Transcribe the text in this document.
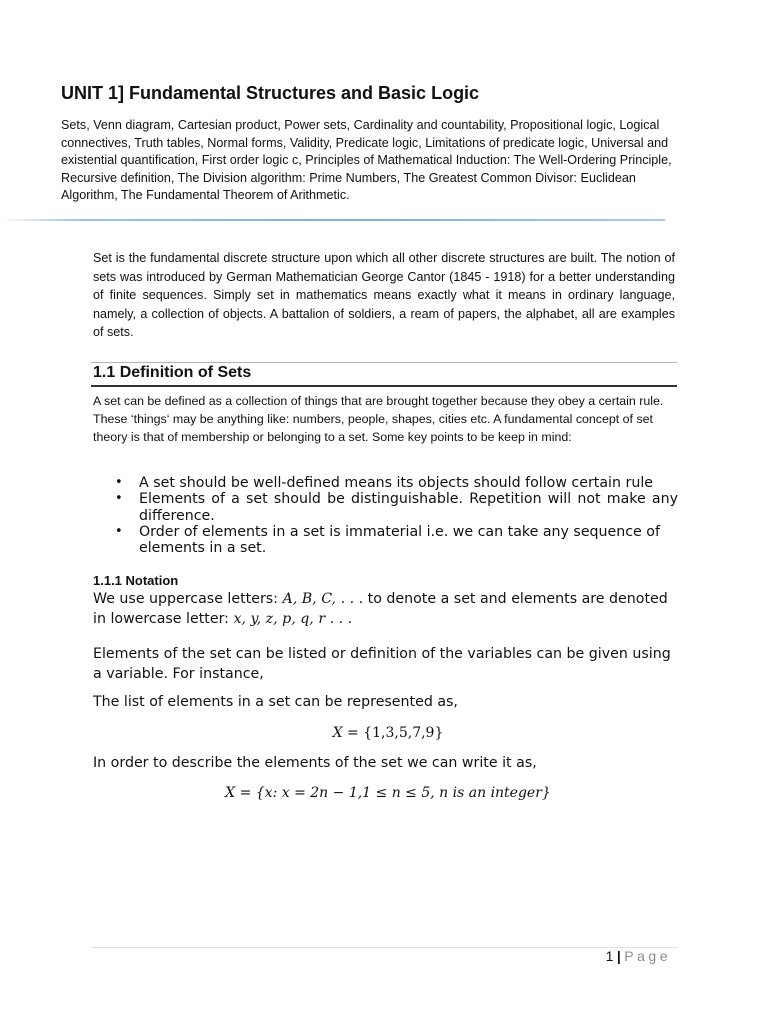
UNIT 1] Fundamental Structures and Basic Logic

Sets, Venn diagram, Cartesian product, Power sets, Cardinality and countability, Propositional logic, Logical connectives, Truth tables, Normal forms, Validity, Predicate logic, Limitations of predicate logic, Universal and existential quantification, First order logic c, Principles of Mathematical Induction: The Well-Ordering Principle, Recursive definition, The Division algorithm: Prime Numbers, The Greatest Common Divisor: Euclidean Algorithm, The Fundamental Theorem of Arithmetic.

Set is the fundamental discrete structure upon which all other discrete structures are built. The notion of sets was introduced by German Mathematician George Cantor (1845 - 1918) for a better understanding of finite sequences. Simply set in mathematics means exactly what it means in ordinary language, namely, a collection of objects. A battalion of soldiers, a ream of papers, the alphabet, all are examples of sets.

1.1 Definition of Sets

A set can be defined as a collection of things that are brought together because they obey a certain rule. These ‘things‘ may be anything like: numbers, people, shapes, cities etc. A fundamental concept of set theory is that of membership or belonging to a set. Some key points to be keep in mind:

• A set should be well-defined means its objects should follow certain rule
• Elements of a set should be distinguishable. Repetition will not make any difference.
• Order of elements in a set is immaterial i.e. we can take any sequence of elements in a set.
1.1.1 Notation

We use uppercase letters: A, B, C, . . . to denote a set and elements are denoted in lowercase letter: x, y, z, p, q, r . . .

Elements of the set can be listed or definition of the variables can be given using a variable. For instance,

The list of elements in a set can be represented as,

X = {1,3,5,7,9}

In order to describe the elements of the set we can write it as,

X = {x: x = 2n − 1,1 ≤ n ≤ 5, n is an integer}

1 | Page
